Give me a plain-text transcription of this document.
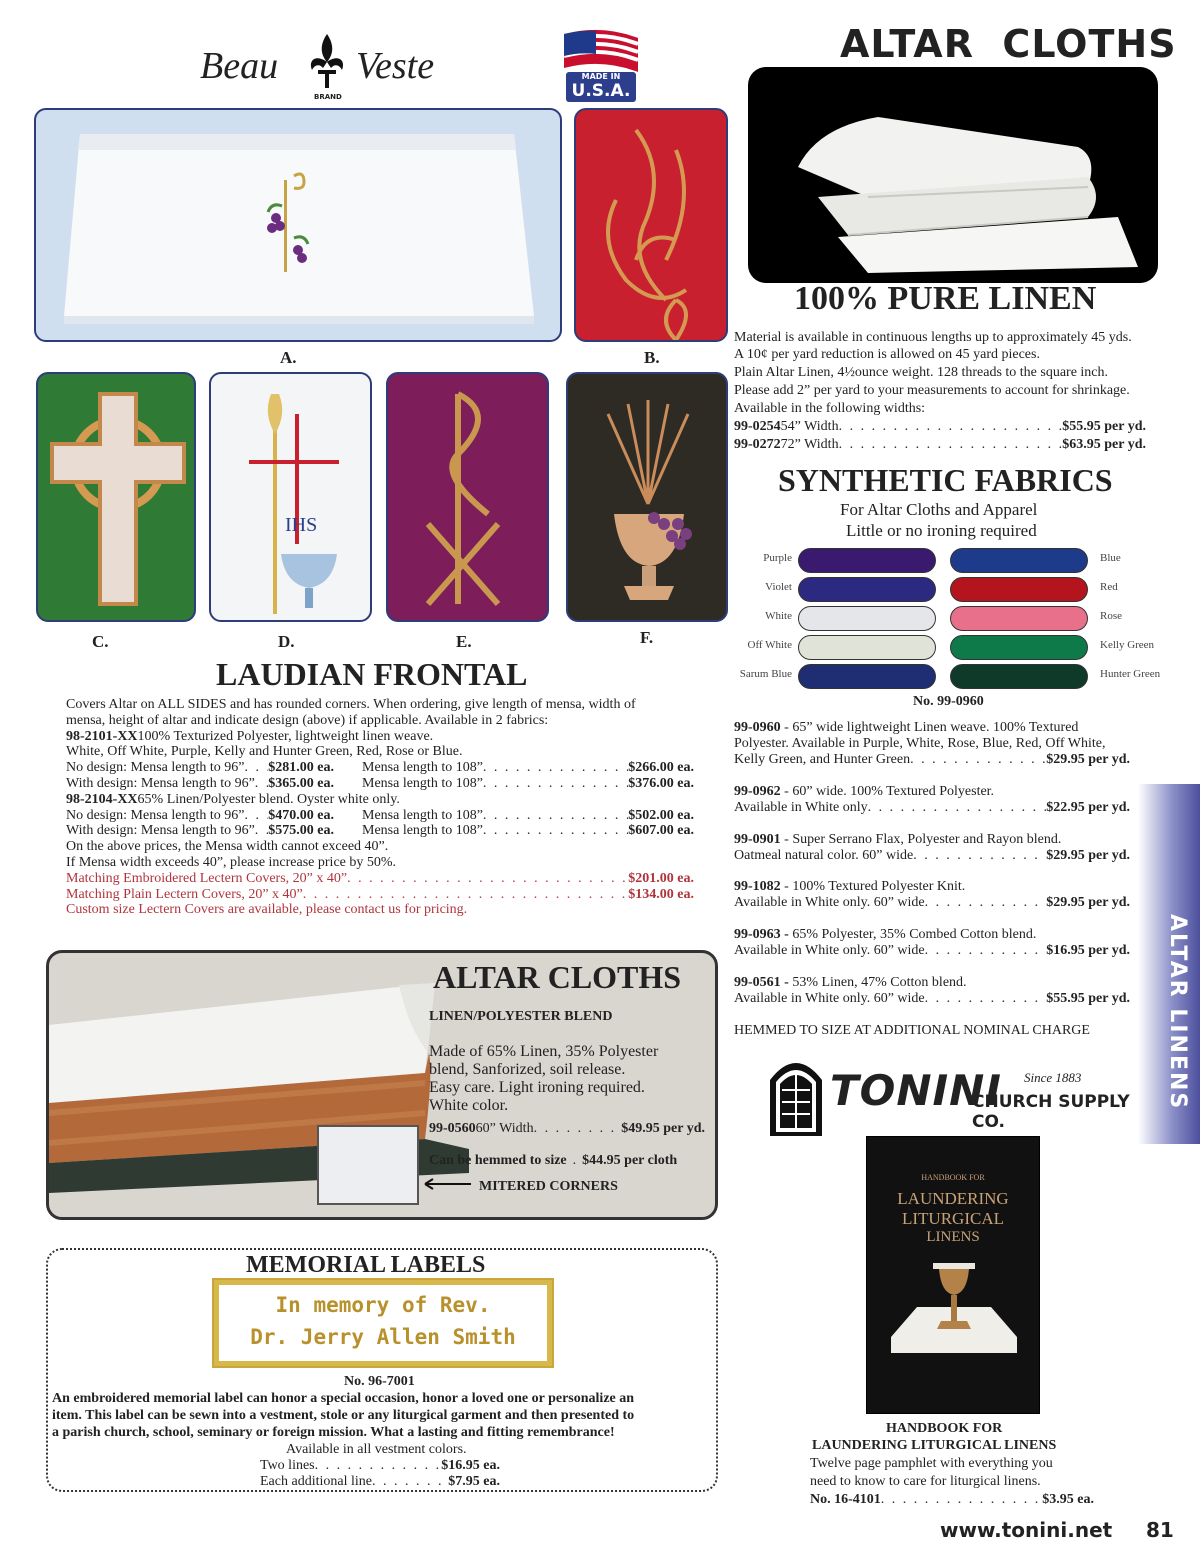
Beau Veste
BRAND
MADE IN
U.S.A.
ALTAR  CLOTHS
A.	B.
C.
IHS
D.	E.	F.
100% PURE LINEN
Material is available in continuous lengths up to approximately 45 yds.
A 10¢ per yard reduction is allowed on 45 yard pieces.
Plain Altar Linen, 4½ounce weight. 128 threads to the square inch.
Please add 2” per yard to your measurements to account for shrinkage.
Available in the following widths:
99-0254 54” Width . . .	$55.95 per yd.
99-0272 72” Width . . .	$63.95 per yd.
SYNTHETIC FABRICS
For Altar Cloths and Apparel
Little or no ironing required
Purple
Violet
White
Off White
Sarum Blue
Blue
Red
Rose
Kelly Green
Hunter Green
No. 99-0960
99-0960 - 65” wide lightweight Linen weave. 100% Textured
Polyester. Available in Purple, White, Rose, Blue, Red, Off White,
Kelly Green, and Hunter Green . . .	$29.95 per yd.
99-0962 - 60” wide. 100% Textured Polyester.
Available in White only . . .	$22.95 per yd.
99-0901 - Super Serrano Flax, Polyester and Rayon blend.
Oatmeal natural color. 60” wide . . .	$29.95 per yd.
99-1082 - 100% Textured Polyester Knit.
Available in White only. 60” wide . . .	$29.95 per yd.
99-0963 - 65% Polyester, 35% Combed Cotton blend.
Available in White only. 60” wide . . .	$16.95 per yd.
99-0561 - 53% Linen, 47% Cotton blend.
Available in White only. 60” wide . . .	$55.95 per yd.
HEMMED TO SIZE AT ADDITIONAL NOMINAL CHARGE	ALTAR LINENS
TONINI Since 1883
CHURCH SUPPLY CO.
HANDBOOK FOR
LAUNDERING
LITURGICAL
LINENS
HANDBOOK FOR
LAUNDERING LITURGICAL LINENS
Twelve page pamphlet with everything you
need to know to care for liturgical linens.
No. 16-4101 . . .	$3.95 ea.
www.tonini.net 81
LAUDIAN FRONTAL
Covers Altar on ALL SIDES and has rounded corners. When ordering, give length of mensa, width of
mensa, height of altar and indicate design (above) if applicable. Available in 2 fabrics:
98-2101-XX 100% Texturized Polyester, lightweight linen weave.
White, Off White, Purple, Kelly and Hunter Green, Red, Rose or Blue.
No design: Mensa length to 96” . . . $281.00 ea. Mensa length to 108” . . .	$266.00 ea.
With design: Mensa length to 96” . . . $365.00 ea. Mensa length to 108” . . .	$376.00 ea.
98-2104-XX 65% Linen/Polyester blend. Oyster white only.
No design: Mensa length to 96” . . . $470.00 ea. Mensa length to 108” . . .	$502.00 ea.
With design: Mensa length to 96” . . . $575.00 ea. Mensa length to 108” . . .	$607.00 ea.
On the above prices, the Mensa width cannot exceed 40”.
If Mensa width exceeds 40”, please increase price by 50%.
Matching Embroidered Lectern Covers, 20” x 40” . . .	$201.00 ea.
Matching Plain Lectern Covers, 20” x 40” . . .	$134.00 ea.
Custom size Lectern Covers are available, please contact us for pricing.
ALTAR CLOTHS
LINEN/POLYESTER BLEND
Made of 65% Linen, 35% Polyester
blend, Sanforized, soil release.
Easy care. Light ironing required.
White color.
99-0560 60” Width . . .	$49.95 per yd.
Can be hemmed to size . $44.95 per cloth
MITERED CORNERS
MEMORIAL LABELS
In memory of Rev.
Dr. Jerry Allen Smith
No. 96-7001
An embroidered memorial label can honor a special occasion, honor a loved one or personalize an
item. This label can be sewn into a vestment, stole or any liturgical garment and then presented to
a parish church, school, seminary or foreign mission. What a lasting and fitting remembrance!
Available in all vestment colors.
Two lines . . .	$16.95 ea.
Each additional line . . .	$7.95 ea.
